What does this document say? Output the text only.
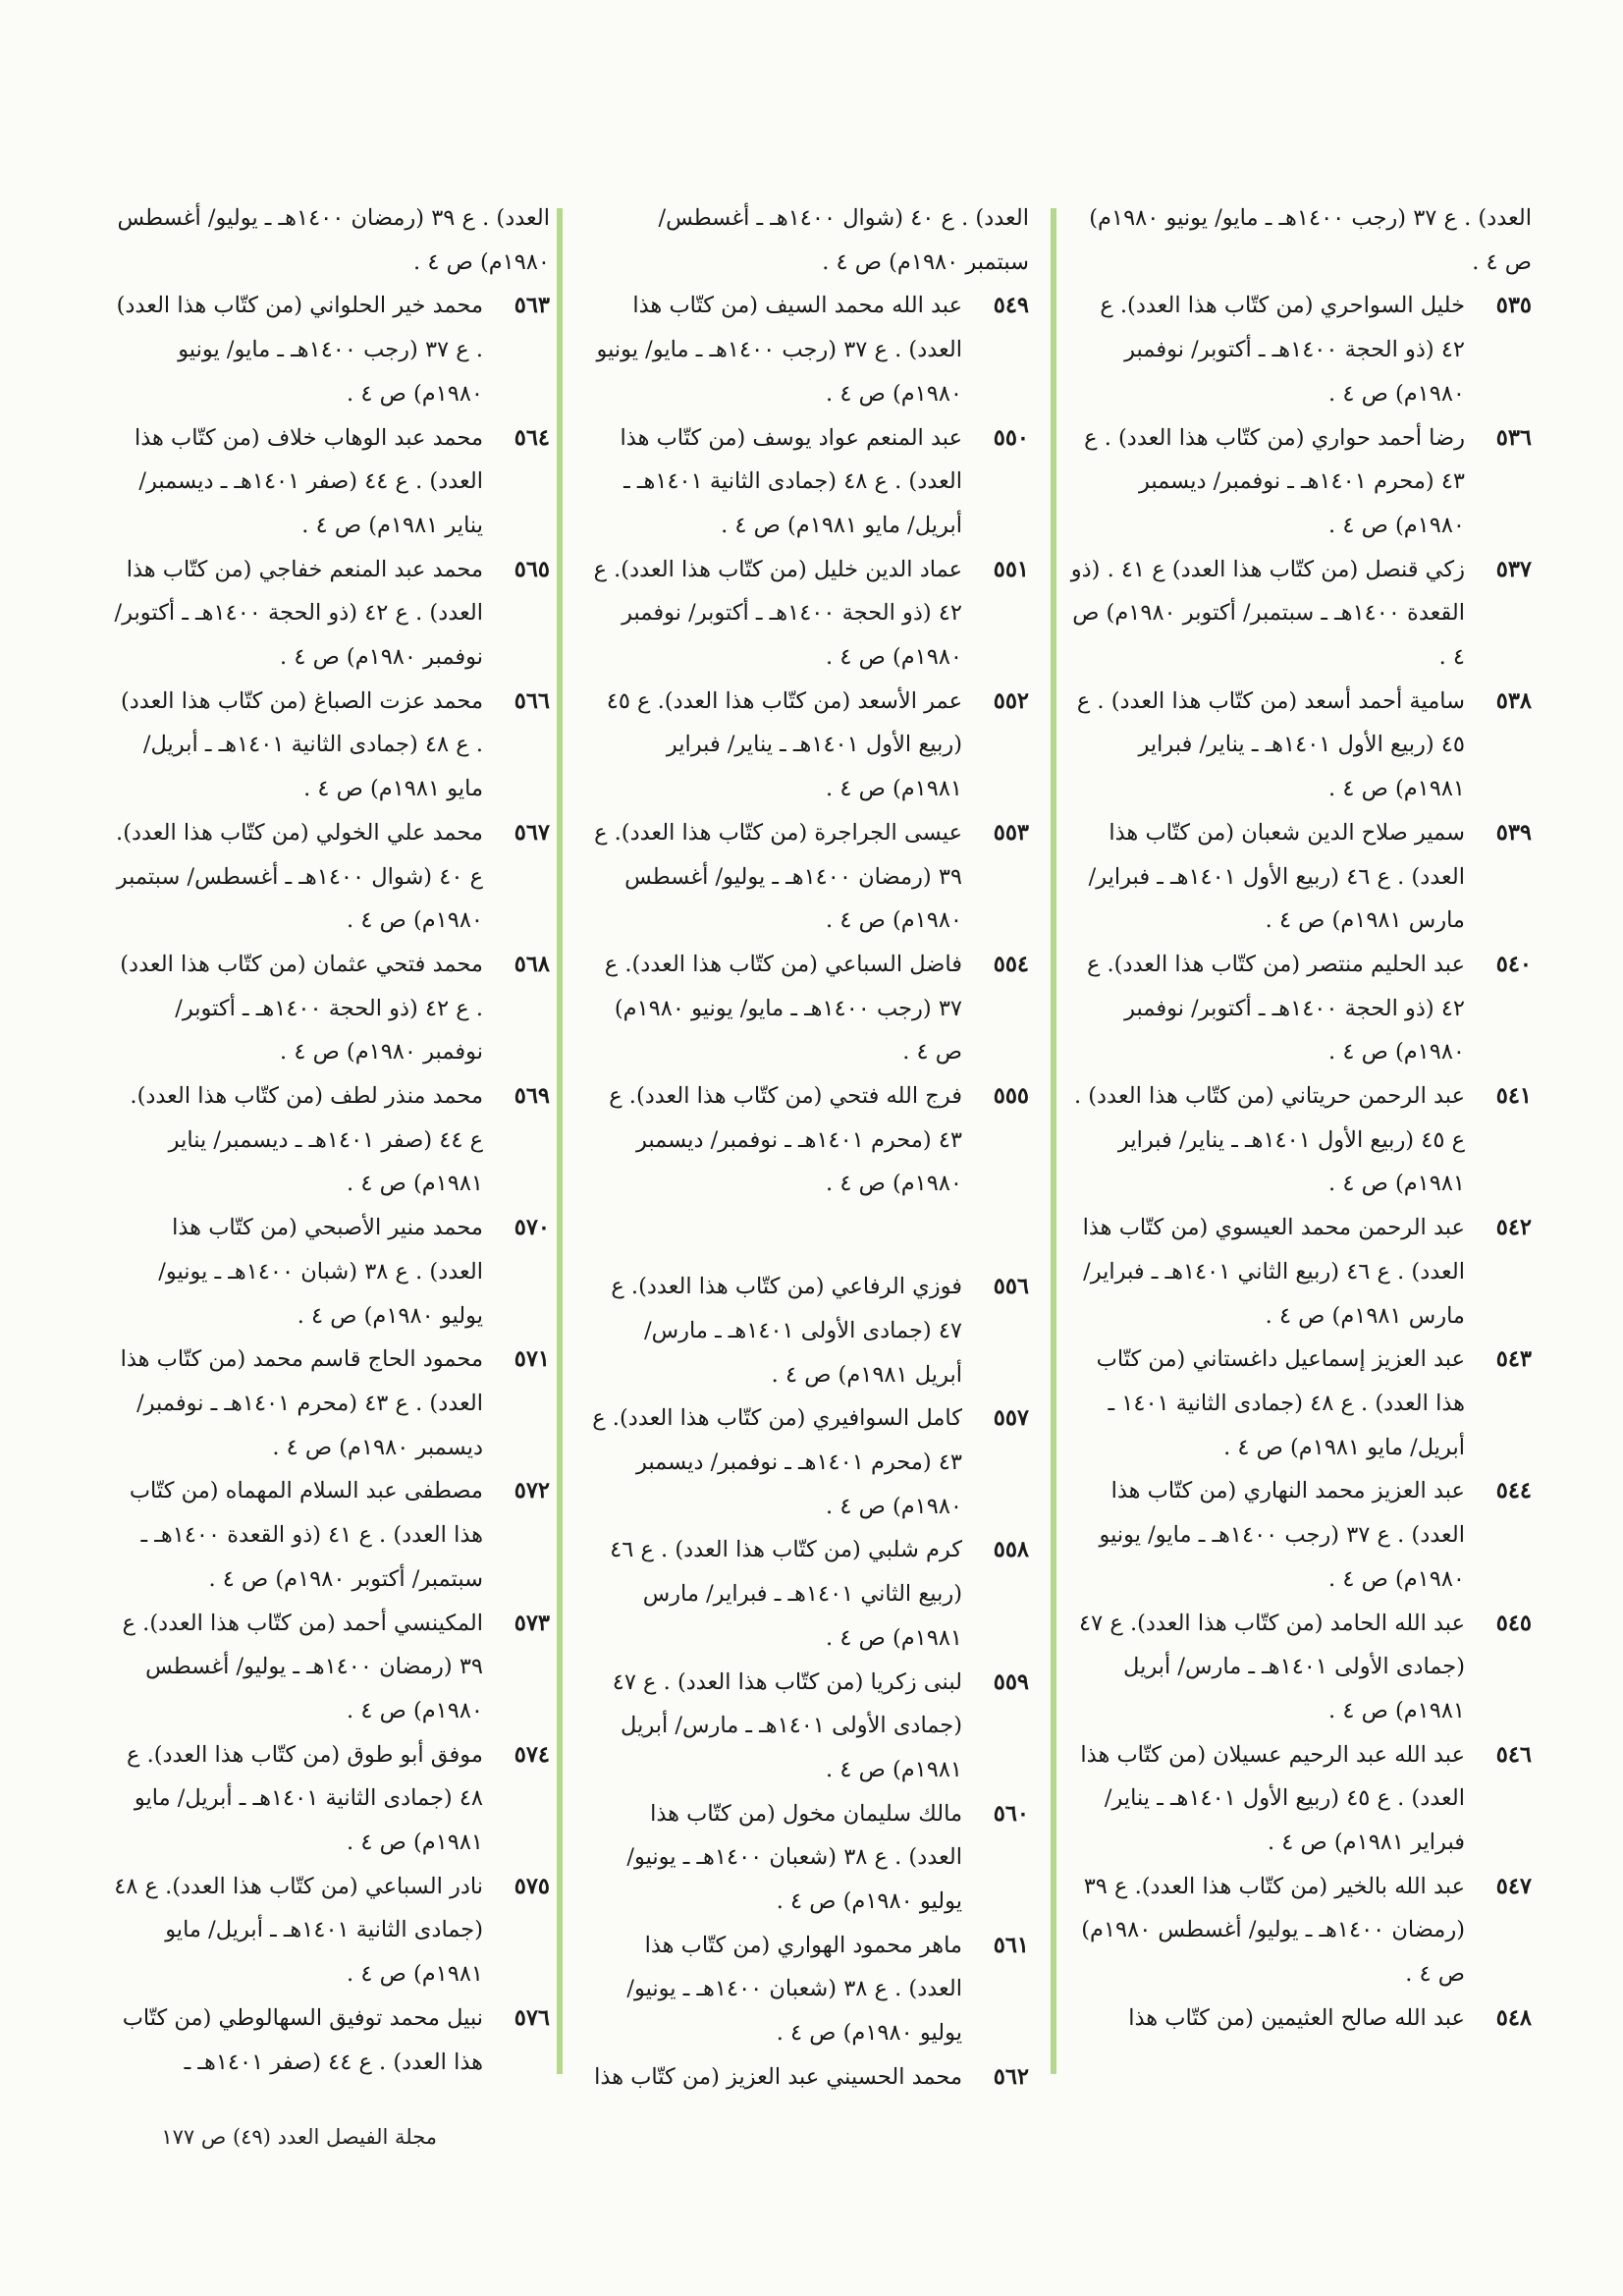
العدد) . ع ٣٧ (رجب ١٤٠٠هـ ـ مايو/ يونيو ١٩٨٠م) ص ٤ .
٥٣٥
خليل السواحري (من كتّاب هذا العدد). ع ٤٢ (ذو الحجة ١٤٠٠هـ ـ أكتوبر/ نوفمبر ١٩٨٠م) ص ٤ .
٥٣٦
رضا أحمد حواري (من كتّاب هذا العدد) . ع ٤٣ (محرم ١٤٠١هـ ـ نوفمبر/ ديسمبر ١٩٨٠م) ص ٤ .
٥٣٧
زكي قنصل (من كتّاب هذا العدد) ع ٤١ . (ذو القعدة ١٤٠٠هـ ـ سبتمبر/ أكتوبر ١٩٨٠م) ص ٤ .
٥٣٨
سامية أحمد أسعد (من كتّاب هذا العدد) . ع ٤٥ (ربيع الأول ١٤٠١هـ ـ يناير/ فبراير ١٩٨١م) ص ٤ .
٥٣٩
سمير صلاح الدين شعبان (من كتّاب هذا العدد) . ع ٤٦ (ربيع الأول ١٤٠١هـ ـ فبراير/ مارس ١٩٨١م) ص ٤ .
٥٤٠
عبد الحليم منتصر (من كتّاب هذا العدد). ع ٤٢ (ذو الحجة ١٤٠٠هـ ـ أكتوبر/ نوفمبر ١٩٨٠م) ص ٤ .
٥٤١
عبد الرحمن حريتاني (من كتّاب هذا العدد) . ع ٤٥ (ربيع الأول ١٤٠١هـ ـ يناير/ فبراير ١٩٨١م) ص ٤ .
٥٤٢
عبد الرحمن محمد العيسوي (من كتّاب هذا العدد) . ع ٤٦ (ربيع الثاني ١٤٠١هـ ـ فبراير/ مارس ١٩٨١م) ص ٤ .
٥٤٣
عبد العزيز إسماعيل داغستاني (من كتّاب هذا العدد) . ع ٤٨ (جمادى الثانية ١٤٠١ ـ أبريل/ مايو ١٩٨١م) ص ٤ .
٥٤٤
عبد العزيز محمد النهاري (من كتّاب هذا العدد) . ع ٣٧ (رجب ١٤٠٠هـ ـ مايو/ يونيو ١٩٨٠م) ص ٤ .
٥٤٥
عبد الله الحامد (من كتّاب هذا العدد). ع ٤٧ (جمادى الأولى ١٤٠١هـ ـ مارس/ أبريل ١٩٨١م) ص ٤ .
٥٤٦
عبد الله عبد الرحيم عسيلان (من كتّاب هذا العدد) . ع ٤٥ (ربيع الأول ١٤٠١هـ ـ يناير/ فبراير ١٩٨١م) ص ٤ .
٥٤٧
عبد الله بالخير (من كتّاب هذا العدد). ع ٣٩ (رمضان ١٤٠٠هـ ـ يوليو/ أغسطس ١٩٨٠م) ص ٤ .
٥٤٨
عبد الله صالح العثيمين (من كتّاب هذا
العدد) . ع ٤٠ (شوال ١٤٠٠هـ ـ أغسطس/ سبتمبر ١٩٨٠م) ص ٤ .
٥٤٩
عبد الله محمد السيف (من كتّاب هذا العدد) . ع ٣٧ (رجب ١٤٠٠هـ ـ مايو/ يونيو ١٩٨٠م) ص ٤ .
٥٥٠
عبد المنعم عواد يوسف (من كتّاب هذا العدد) . ع ٤٨ (جمادى الثانية ١٤٠١هـ ـ أبريل/ مايو ١٩٨١م) ص ٤ .
٥٥١
عماد الدين خليل (من كتّاب هذا العدد). ع ٤٢ (ذو الحجة ١٤٠٠هـ ـ أكتوبر/ نوفمبر ١٩٨٠م) ص ٤ .
٥٥٢
عمر الأسعد (من كتّاب هذا العدد). ع ٤٥ (ربيع الأول ١٤٠١هـ ـ يناير/ فبراير ١٩٨١م) ص ٤ .
٥٥٣
عيسى الجراجرة (من كتّاب هذا العدد). ع ٣٩ (رمضان ١٤٠٠هـ ـ يوليو/ أغسطس ١٩٨٠م) ص ٤ .
٥٥٤
فاضل السباعي (من كتّاب هذا العدد). ع ٣٧ (رجب ١٤٠٠هـ ـ مايو/ يونيو ١٩٨٠م) ص ٤ .
٥٥٥
فرج الله فتحي (من كتّاب هذا العدد). ع ٤٣ (محرم ١٤٠١هـ ـ نوفمبر/ ديسمبر ١٩٨٠م) ص ٤ .
٥٥٦
فوزي الرفاعي (من كتّاب هذا العدد). ع ٤٧ (جمادى الأولى ١٤٠١هـ ـ مارس/ أبريل ١٩٨١م) ص ٤ .
٥٥٧
كامل السوافيري (من كتّاب هذا العدد). ع ٤٣ (محرم ١٤٠١هـ ـ نوفمبر/ ديسمبر ١٩٨٠م) ص ٤ .
٥٥٨
كرم شلبي (من كتّاب هذا العدد) . ع ٤٦ (ربيع الثاني ١٤٠١هـ ـ فبراير/ مارس ١٩٨١م) ص ٤ .
٥٥٩
لبنى زكريا (من كتّاب هذا العدد) . ع ٤٧ (جمادى الأولى ١٤٠١هـ ـ مارس/ أبريل ١٩٨١م) ص ٤ .
٥٦٠
مالك سليمان مخول (من كتّاب هذا العدد) . ع ٣٨ (شعبان ١٤٠٠هـ ـ يونيو/ يوليو ١٩٨٠م) ص ٤ .
٥٦١
ماهر محمود الهواري (من كتّاب هذا العدد) . ع ٣٨ (شعبان ١٤٠٠هـ ـ يونيو/ يوليو ١٩٨٠م) ص ٤ .
٥٦٢
محمد الحسيني عبد العزيز (من كتّاب هذا
العدد) . ع ٣٩ (رمضان ١٤٠٠هـ ـ يوليو/ أغسطس ١٩٨٠م) ص ٤ .
٥٦٣
محمد خير الحلواني (من كتّاب هذا العدد) . ع ٣٧ (رجب ١٤٠٠هـ ـ مايو/ يونيو ١٩٨٠م) ص ٤ .
٥٦٤
محمد عبد الوهاب خلاف (من كتّاب هذا العدد) . ع ٤٤ (صفر ١٤٠١هـ ـ ديسمبر/ يناير ١٩٨١م) ص ٤ .
٥٦٥
محمد عبد المنعم خفاجي (من كتّاب هذا العدد) . ع ٤٢ (ذو الحجة ١٤٠٠هـ ـ أكتوبر/ نوفمبر ١٩٨٠م) ص ٤ .
٥٦٦
محمد عزت الصباغ (من كتّاب هذا العدد) . ع ٤٨ (جمادى الثانية ١٤٠١هـ ـ أبريل/ مايو ١٩٨١م) ص ٤ .
٥٦٧
محمد علي الخولي (من كتّاب هذا العدد). ع ٤٠ (شوال ١٤٠٠هـ ـ أغسطس/ سبتمبر ١٩٨٠م) ص ٤ .
٥٦٨
محمد فتحي عثمان (من كتّاب هذا العدد) . ع ٤٢ (ذو الحجة ١٤٠٠هـ ـ أكتوبر/ نوفمبر ١٩٨٠م) ص ٤ .
٥٦٩
محمد منذر لطف (من كتّاب هذا العدد). ع ٤٤ (صفر ١٤٠١هـ ـ ديسمبر/ يناير ١٩٨١م) ص ٤ .
٥٧٠
محمد منير الأصبحي (من كتّاب هذا العدد) . ع ٣٨ (شبان ١٤٠٠هـ ـ يونيو/ يوليو ١٩٨٠م) ص ٤ .
٥٧١
محمود الحاج قاسم محمد (من كتّاب هذا العدد) . ع ٤٣ (محرم ١٤٠١هـ ـ نوفمبر/ ديسمبر ١٩٨٠م) ص ٤ .
٥٧٢
مصطفى عبد السلام المهماه (من كتّاب هذا العدد) . ع ٤١ (ذو القعدة ١٤٠٠هـ ـ سبتمبر/ أكتوبر ١٩٨٠م) ص ٤ .
٥٧٣
المكينسي أحمد (من كتّاب هذا العدد). ع ٣٩ (رمضان ١٤٠٠هـ ـ يوليو/ أغسطس ١٩٨٠م) ص ٤ .
٥٧٤
موفق أبو طوق (من كتّاب هذا العدد). ع ٤٨ (جمادى الثانية ١٤٠١هـ ـ أبريل/ مايو ١٩٨١م) ص ٤ .
٥٧٥
نادر السباعي (من كتّاب هذا العدد). ع ٤٨ (جمادى الثانية ١٤٠١هـ ـ أبريل/ مايو ١٩٨١م) ص ٤ .
٥٧٦
نبيل محمد توفيق السهالوطي (من كتّاب هذا العدد) . ع ٤٤ (صفر ١٤٠١هـ ـ
مجلة الفيصل العدد (٤٩) ص ١٧٧
